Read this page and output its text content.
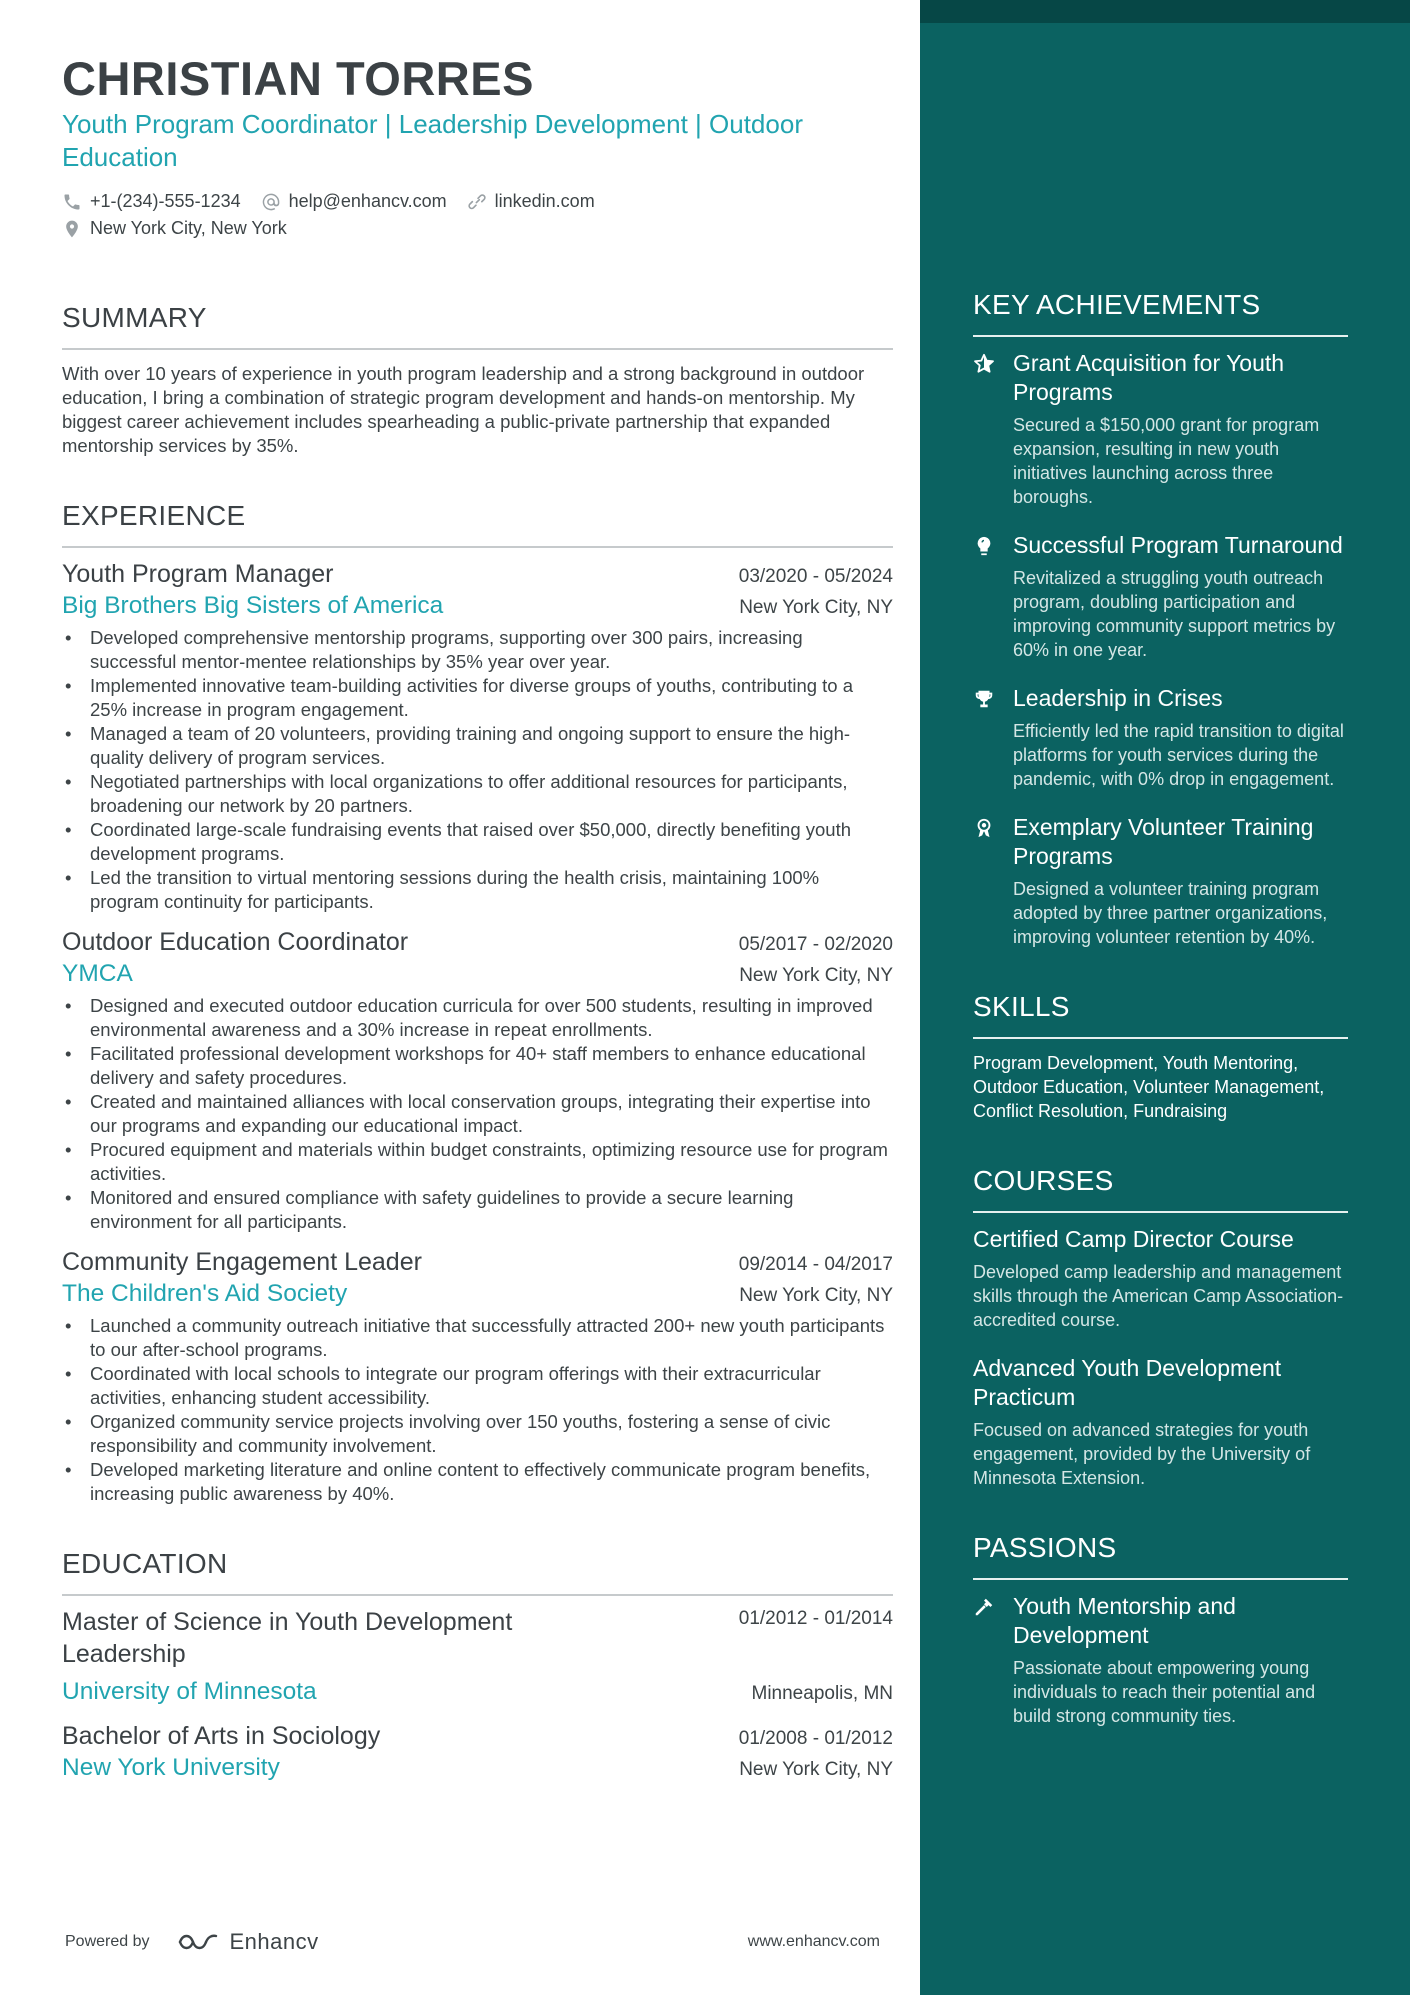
CHRISTIAN TORRES
Youth Program Coordinator | Leadership Development | Outdoor Education
+1-(234)-555-1234	help@enhancv.com	linkedin.com
New York City, New York
SUMMARY
With over 10 years of experience in youth program leadership and a strong background in outdoor education, I bring a combination of strategic program development and hands-on mentorship. My biggest career achievement includes spearheading a public-private partnership that expanded mentorship services by 35%.
EXPERIENCE
Youth Program Manager	03/2020 - 05/2024
Big Brothers Big Sisters of America	New York City, NY
• Developed comprehensive mentorship programs, supporting over 300 pairs, increasing successful mentor-mentee relationships by 35% year over year.
• Implemented innovative team-building activities for diverse groups of youths, contributing to a 25% increase in program engagement.
• Managed a team of 20 volunteers, providing training and ongoing support to ensure the high-quality delivery of program services.
• Negotiated partnerships with local organizations to offer additional resources for participants, broadening our network by 20 partners.
• Coordinated large-scale fundraising events that raised over $50,000, directly benefiting youth development programs.
• Led the transition to virtual mentoring sessions during the health crisis, maintaining 100% program continuity for participants.
Outdoor Education Coordinator	05/2017 - 02/2020
YMCA	New York City, NY
• Designed and executed outdoor education curricula for over 500 students, resulting in improved environmental awareness and a 30% increase in repeat enrollments.
• Facilitated professional development workshops for 40+ staff members to enhance educational delivery and safety procedures.
• Created and maintained alliances with local conservation groups, integrating their expertise into our programs and expanding our educational impact.
• Procured equipment and materials within budget constraints, optimizing resource use for program activities.
• Monitored and ensured compliance with safety guidelines to provide a secure learning environment for all participants.
Community Engagement Leader	09/2014 - 04/2017
The Children's Aid Society	New York City, NY
• Launched a community outreach initiative that successfully attracted 200+ new youth participants to our after-school programs.
• Coordinated with local schools to integrate our program offerings with their extracurricular activities, enhancing student accessibility.
• Organized community service projects involving over 150 youths, fostering a sense of civic responsibility and community involvement.
• Developed marketing literature and online content to effectively communicate program benefits, increasing public awareness by 40%.
EDUCATION
Master of Science in Youth Development Leadership
01/2012 - 01/2014
University of Minnesota	Minneapolis, MN
Bachelor of Arts in Sociology	01/2008 - 01/2012
New York University	New York City, NY
Powered by	Enhancv	www.enhancv.com
KEY ACHIEVEMENTS
Grant Acquisition for Youth Programs
Secured a $150,000 grant for program expansion, resulting in new youth initiatives launching across three boroughs.
Successful Program Turnaround
Revitalized a struggling youth outreach program, doubling participation and improving community support metrics by 60% in one year.
Leadership in Crises
Efficiently led the rapid transition to digital platforms for youth services during the pandemic, with 0% drop in engagement.
Exemplary Volunteer Training Programs
Designed a volunteer training program adopted by three partner organizations, improving volunteer retention by 40%.
SKILLS
Program Development, Youth Mentoring, Outdoor Education, Volunteer Management, Conflict Resolution, Fundraising
COURSES
Certified Camp Director Course
Developed camp leadership and management skills through the American Camp Association-accredited course.
Advanced Youth Development Practicum
Focused on advanced strategies for youth engagement, provided by the University of Minnesota Extension.
PASSIONS
Youth Mentorship and Development
Passionate about empowering young individuals to reach their potential and build strong community ties.
